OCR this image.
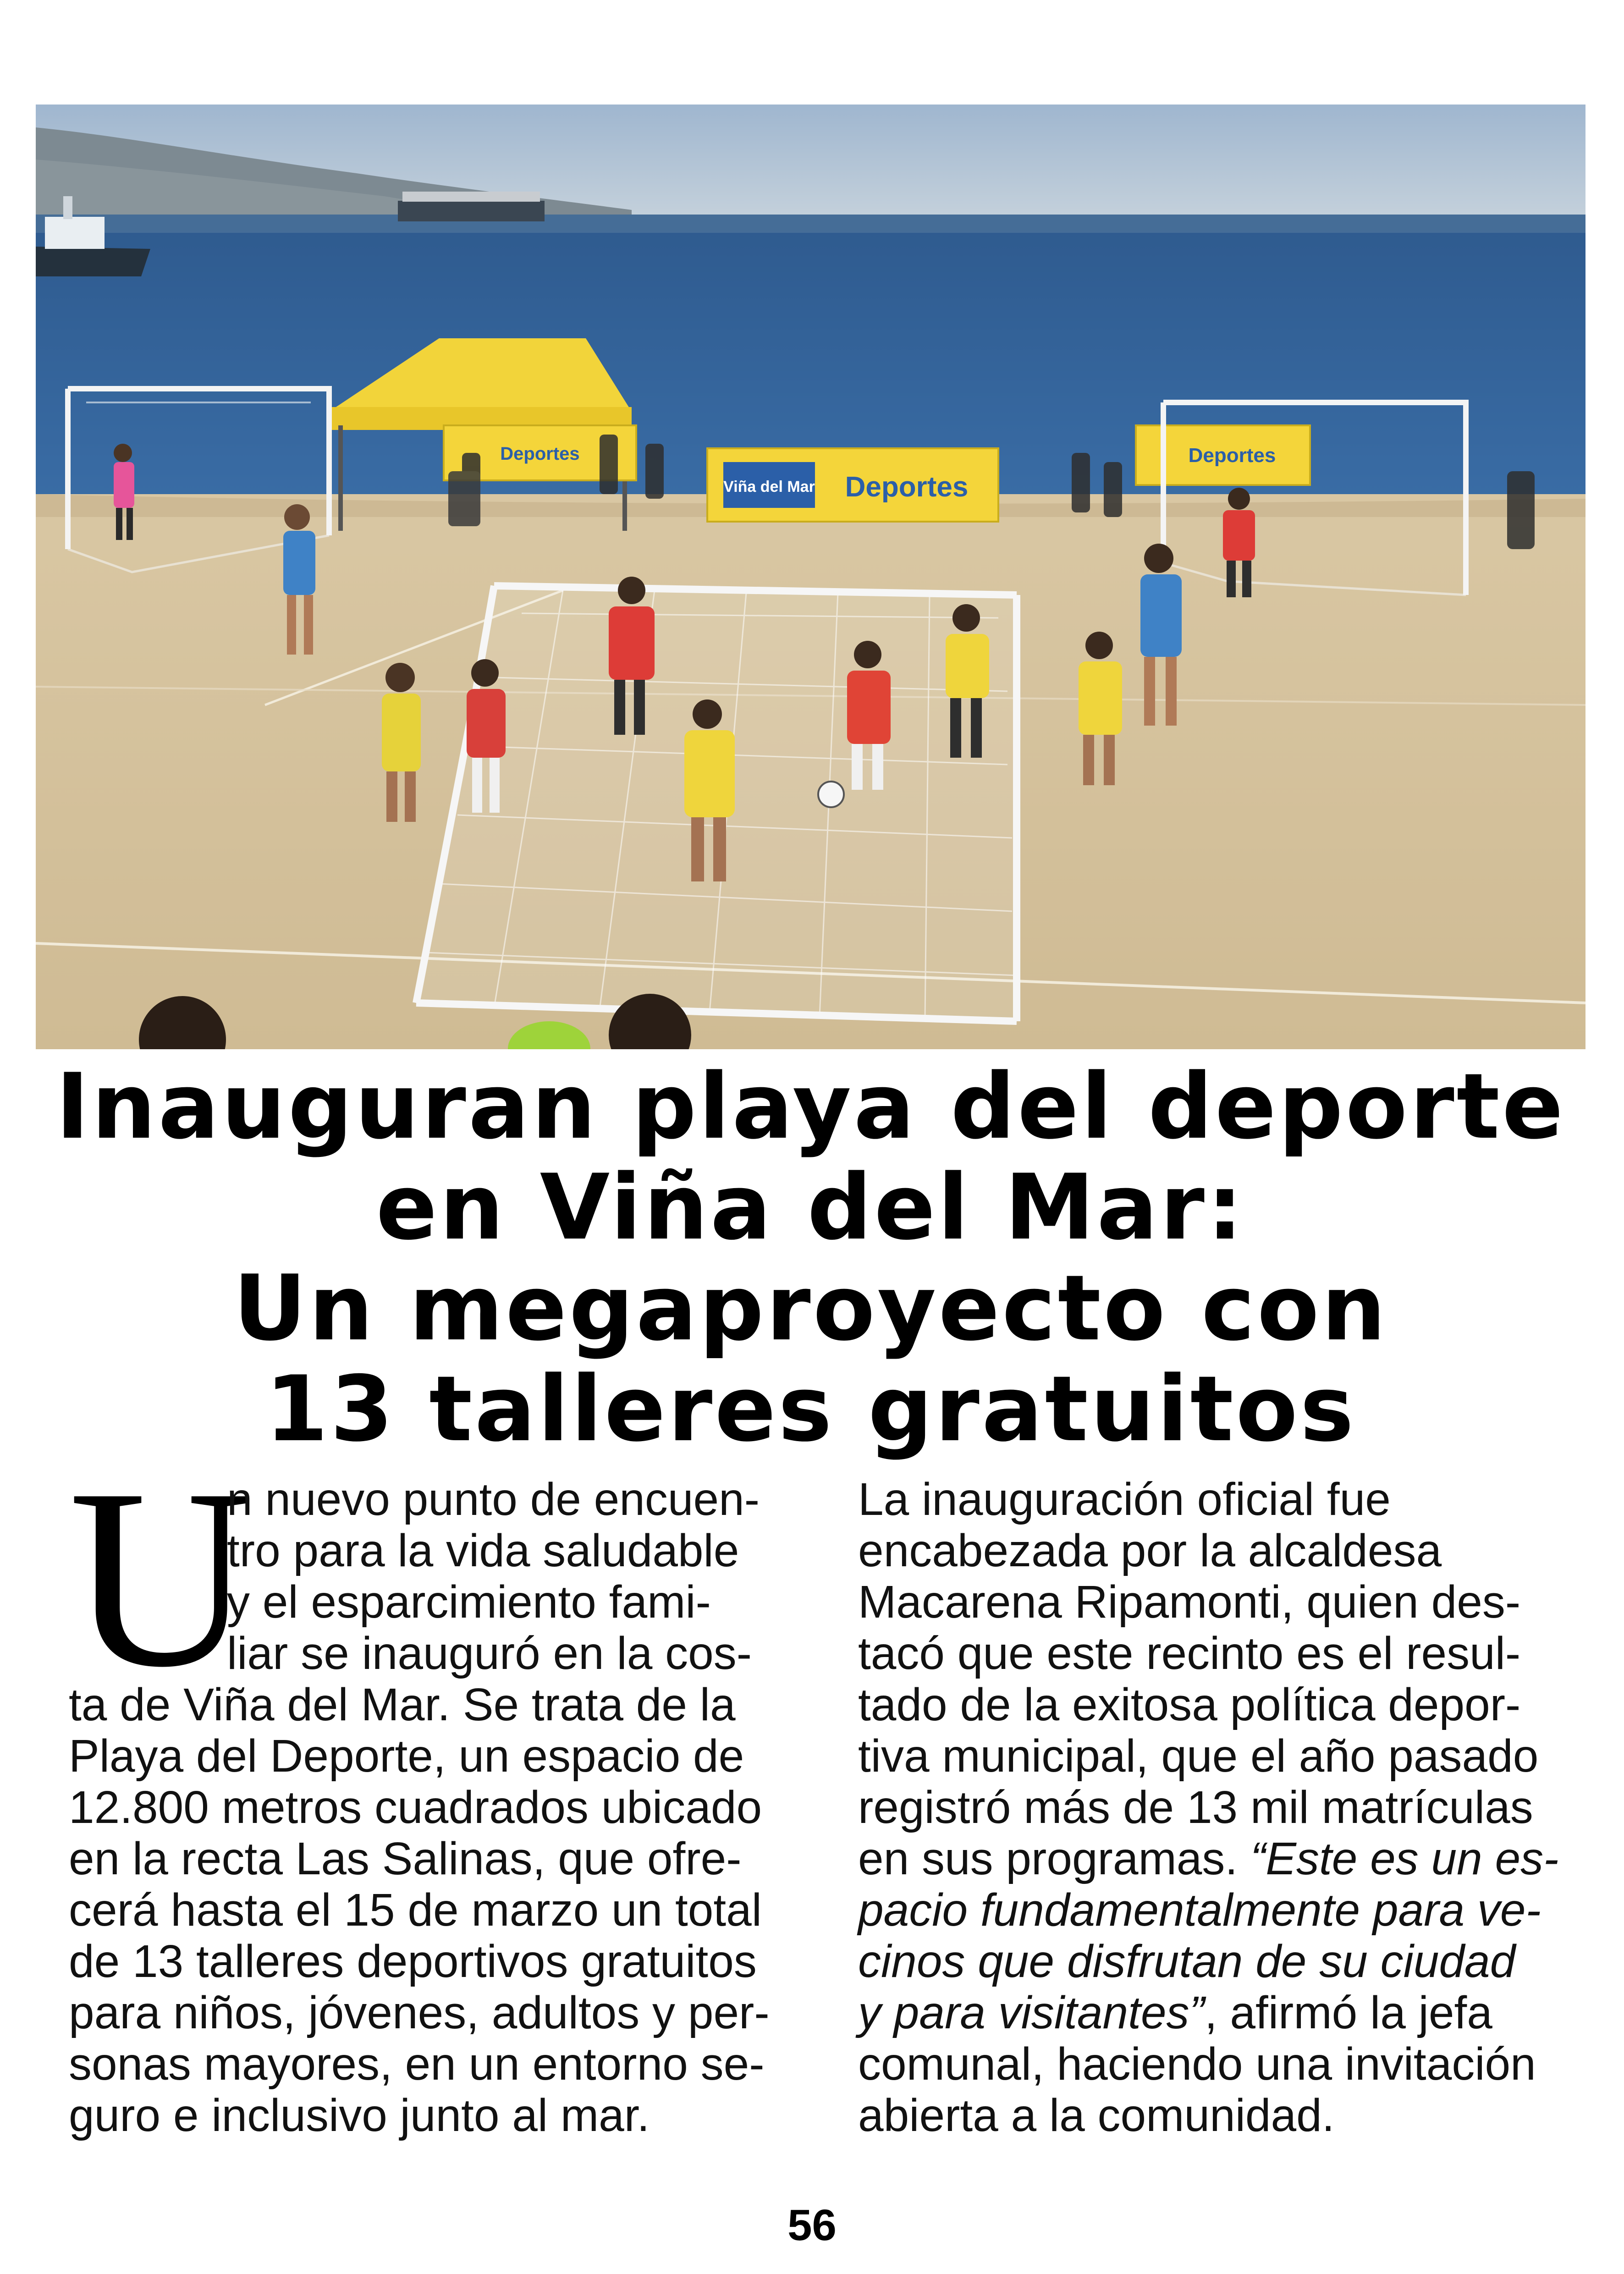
Viña del Mar Deportes
Deportes
Deportes
Inauguran playa del deporte
en Viña del Mar:
Un megaproyecto con
13 talleres gratuitos
U

n nuevo punto de encuen-

tro para la vida saludable

y el esparcimiento fami-

liar se inauguró en la cos-

ta de Viña del Mar. Se trata de la

Playa del Deporte, un espacio de

12.800 metros cuadrados ubicado

en la recta Las Salinas, que ofre-

cerá hasta el 15 de marzo un total

de 13 talleres deportivos gratuitos

para niños, jóvenes, adultos y per-

sonas mayores, en un entorno se-

guro e inclusivo junto al mar.

La inauguración oficial fue

encabezada por la alcaldesa

Macarena Ripamonti, quien des-

tacó que este recinto es el resul-

tado de la exitosa política depor-

tiva municipal, que el año pasado

registró más de 13 mil matrículas

en sus programas. “Este es un es-

pacio fundamentalmente para ve-

cinos que disfrutan de su ciudad

y para visitantes”, afirmó la jefa

comunal, haciendo una invitación

abierta a la comunidad.

56
